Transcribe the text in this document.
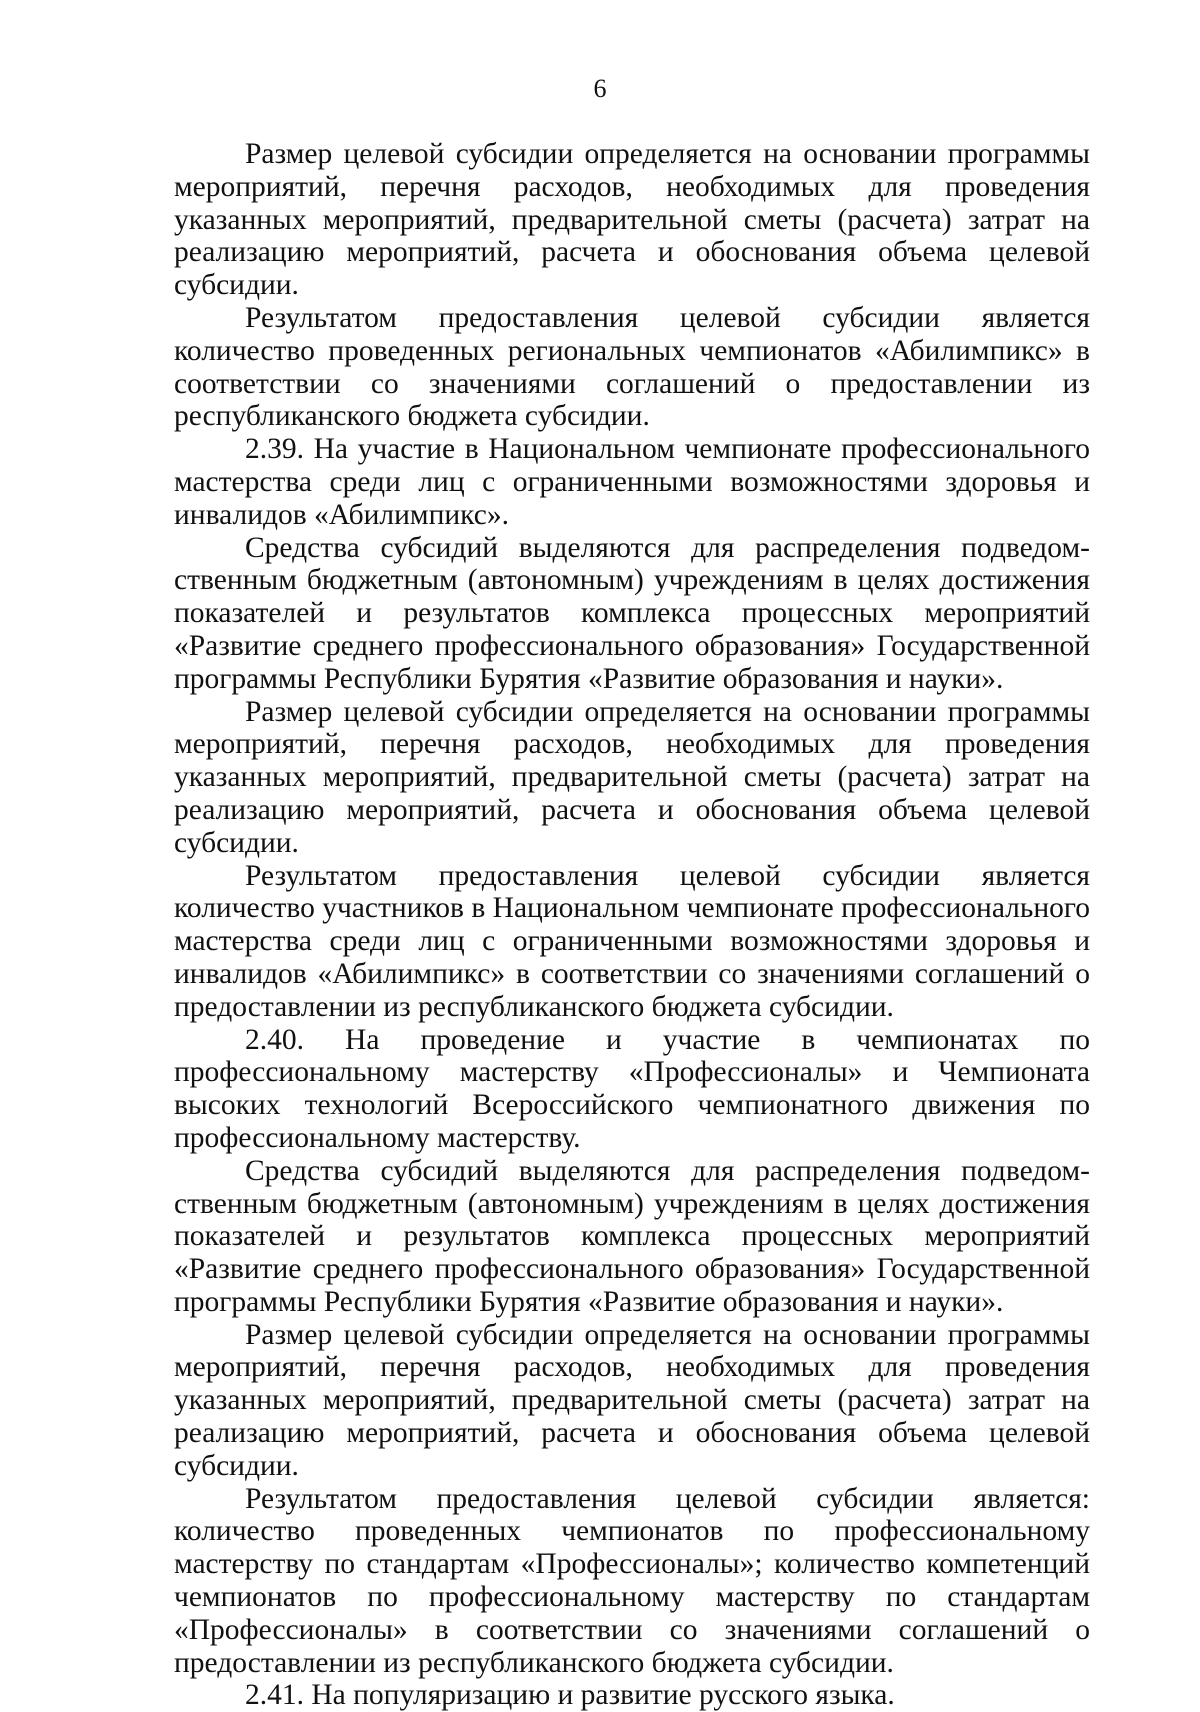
6

Размер целевой субсидии определяется на основании программы мероприятий, перечня расходов, необходимых для проведения указанных мероприятий, предварительной сметы (расчета) затрат на реализацию мероприятий, расчета и обоснования объема целевой субсидии.

Результатом предоставления целевой субсидии является количество проведенных региональных чемпионатов «Абилимпикс» в соответствии со значениями соглашений о предоставлении из республиканского бюджета субсидии.

2.39. На участие в Национальном чемпионате профессионального мастерства среди лиц с ограниченными возможностями здоровья и инвалидов «Абилимпикс».

Средства субсидий выделяются для распределения подведомственным бюджетным (автономным) учреждениям в целях достижения показателей и результатов комплекса процессных мероприятий «Развитие среднего профессионального образования» Государственной программы Республики Бурятия «Развитие образования и науки».

Размер целевой субсидии определяется на основании программы мероприятий, перечня расходов, необходимых для проведения указанных мероприятий, предварительной сметы (расчета) затрат на реализацию мероприятий, расчета и обоснования объема целевой субсидии.

Результатом предоставления целевой субсидии является количество участников в Национальном чемпионате профессионального мастерства среди лиц с ограниченными возможностями здоровья и инвалидов «Абилимпикс» в соответствии со значениями соглашений о предоставлении из республиканского бюджета субсидии.

2.40. На проведение и участие в чемпионатах по профессиональному мастерству «Профессионалы» и Чемпионата высоких технологий Всероссийского чемпионатного движения по профессиональному мастерству.

Средства субсидий выделяются для распределения подведомственным бюджетным (автономным) учреждениям в целях достижения показателей и результатов комплекса процессных мероприятий «Развитие среднего профессионального образования» Государственной программы Республики Бурятия «Развитие образования и науки».

Размер целевой субсидии определяется на основании программы мероприятий, перечня расходов, необходимых для проведения указанных мероприятий, предварительной сметы (расчета) затрат на реализацию мероприятий, расчета и обоснования объема целевой субсидии.

Результатом предоставления целевой субсидии является: количество проведенных чемпионатов по профессиональному мастерству по стандартам «Профессионалы»; количество компетенций чемпионатов по профессиональному мастерству по стандартам «Профессионалы» в соответствии со значениями соглашений о предоставлении из республиканского бюджета субсидии.

2.41. На популяризацию и развитие русского языка.
